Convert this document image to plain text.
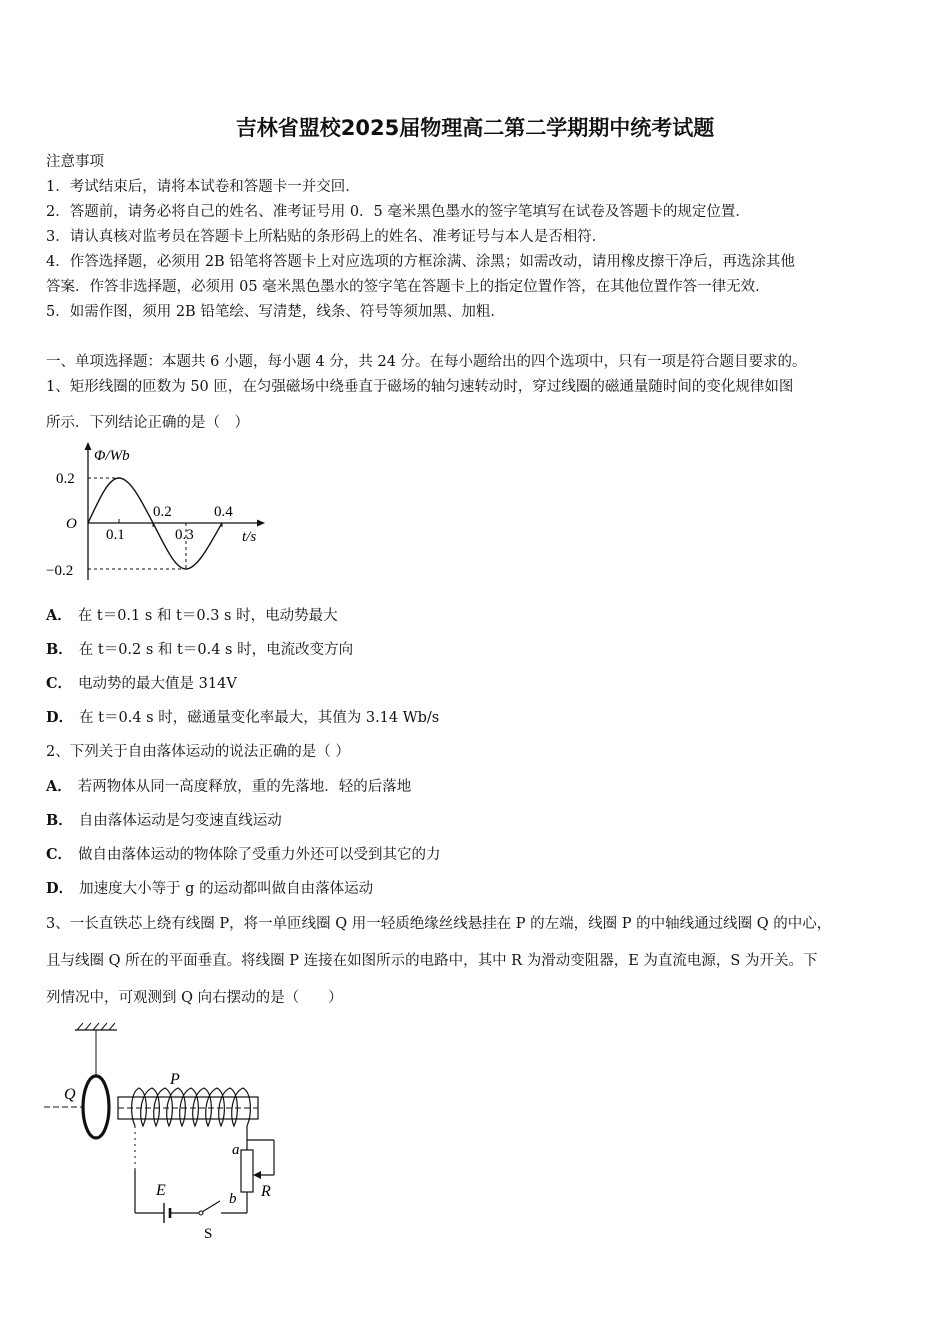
吉林省盟校2025届物理高二第二学期期中统考试题
注意事项
1．考试结束后，请将本试卷和答题卡一并交回．
2．答题前，请务必将自己的姓名、准考证号用 0．5 毫米黑色墨水的签字笔填写在试卷及答题卡的规定位置．
3．请认真核对监考员在答题卡上所粘贴的条形码上的姓名、准考证号与本人是否相符．
4．作答选择题，必须用 2B 铅笔将答题卡上对应选项的方框涂满、涂黑；如需改动，请用橡皮擦干净后，再选涂其他
答案．作答非选择题，必须用 05 毫米黑色墨水的签字笔在答题卡上的指定位置作答，在其他位置作答一律无效．
5．如需作图，须用 2B 铅笔绘、写清楚，线条、符号等须加黑、加粗．
一、单项选择题：本题共 6 小题，每小题 4 分，共 24 分。在每小题给出的四个选项中，只有一项是符合题目要求的。
1、矩形线圈的匝数为 50 匝，在匀强磁场中绕垂直于磁场的轴匀速转动时，穿过线圈的磁通量随时间的变化规律如图
所示．下列结论正确的是（　）
Φ/Wb
0.2
O
−0.2
0.1	0.3
0.2	0.4
t/s
A． 在 t＝0.1 s 和 t＝0.3 s 时，电动势最大
B． 在 t＝0.2 s 和 t＝0.4 s 时，电流改变方向
C． 电动势的最大值是 314V
D． 在 t＝0.4 s 时，磁通量变化率最大，其值为 3.14 Wb/s
2、下列关于自由落体运动的说法正确的是（ ）
A． 若两物体从同一高度释放，重的先落地．轻的后落地
B． 自由落体运动是匀变速直线运动
C． 做自由落体运动的物体除了受重力外还可以受到其它的力
D． 加速度大小等于 g 的运动都叫做自由落体运动
3、一长直铁芯上绕有线圈 P，将一单匝线圈 Q 用一轻质绝缘丝线悬挂在 P 的左端，线圈 P 的中轴线通过线圈 Q 的中心，
且与线圈 Q 所在的平面垂直。将线圈 P 连接在如图所示的电路中，其中 R 为滑动变阻器，E 为直流电源，S 为开关。下
列情况中，可观测到 Q 向右摆动的是（　　）
Q
P
a
b R
E
S
